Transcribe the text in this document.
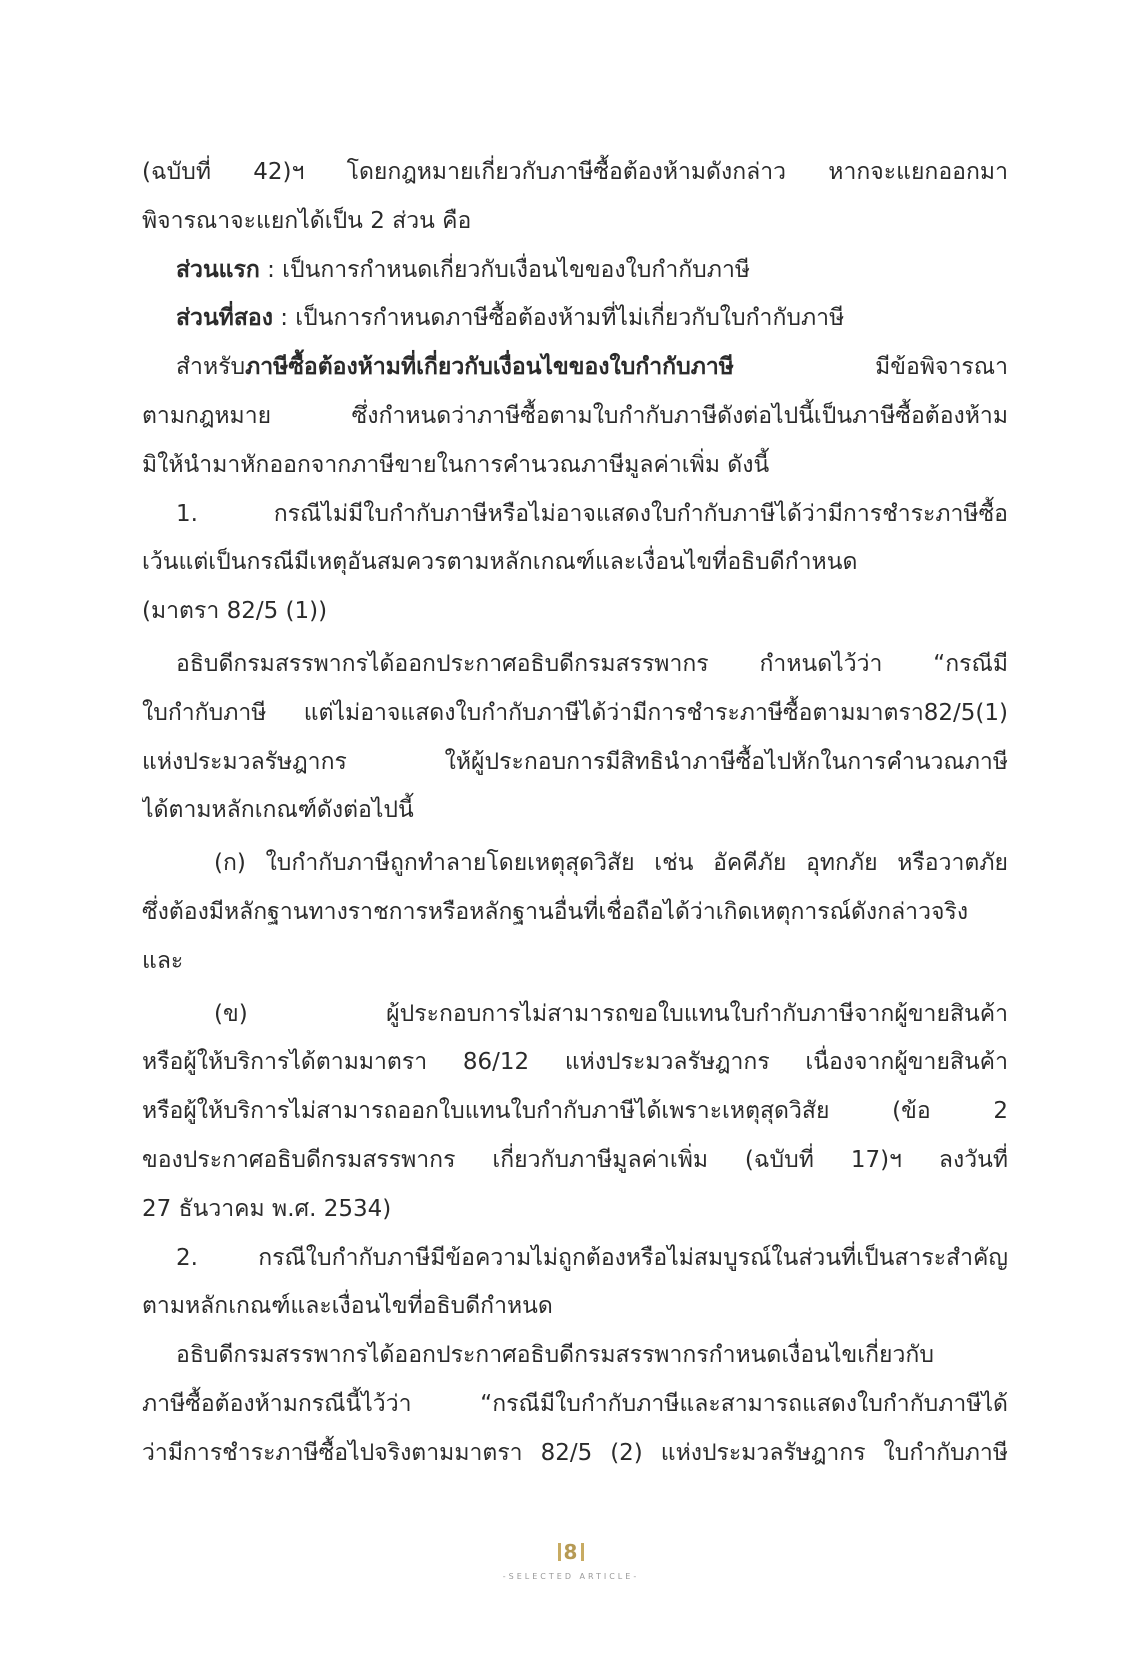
(ฉบับที่ 42)ฯ โดยกฎหมายเกี่ยวกับภาษีซื้อต้องห้ามดังกล่าว หากจะแยกออกมา
พิจารณาจะแยกได้เป็น 2 ส่วน คือ
ส่วนแรก : เป็นการกำหนดเกี่ยวกับเงื่อนไขของใบกำกับภาษี
ส่วนที่สอง : เป็นการกำหนดภาษีซื้อต้องห้ามที่ไม่เกี่ยวกับใบกำกับภาษี
สำหรับภาษีซื้อต้องห้ามที่เกี่ยวกับเงื่อนไขของใบกำกับภาษี มีข้อพิจารณา
ตามกฎหมาย ซึ่งกำหนดว่าภาษีซื้อตามใบกำกับภาษีดังต่อไปนี้เป็นภาษีซื้อต้องห้าม
มิให้นำมาหักออกจากภาษีขายในการคำนวณภาษีมูลค่าเพิ่ม ดังนี้
1. กรณีไม่มีใบกำกับภาษีหรือไม่อาจแสดงใบกำกับภาษีได้ว่ามีการชำระภาษีซื้อ
เว้นแต่เป็นกรณีมีเหตุอันสมควรตามหลักเกณฑ์และเงื่อนไขที่อธิบดีกำหนด
(มาตรา 82/5 (1))
อธิบดีกรมสรรพากรได้ออกประกาศอธิบดีกรมสรรพากร กำหนดไว้ว่า “กรณีมี
ใบกำกับภาษี แต่ไม่อาจแสดงใบกำกับภาษีได้ว่ามีการชำระภาษีซื้อตามมาตรา82/5(1)
แห่งประมวลรัษฎากร ให้ผู้ประกอบการมีสิทธินำภาษีซื้อไปหักในการคำนวณภาษี
ได้ตามหลักเกณฑ์ดังต่อไปนี้
(ก) ใบกำกับภาษีถูกทำลายโดยเหตุสุดวิสัย เช่น อัคคีภัย อุทกภัย หรือวาตภัย
ซึ่งต้องมีหลักฐานทางราชการหรือหลักฐานอื่นที่เชื่อถือได้ว่าเกิดเหตุการณ์ดังกล่าวจริง
และ
(ข) ผู้ประกอบการไม่สามารถขอใบแทนใบกำกับภาษีจากผู้ขายสินค้า
หรือผู้ให้บริการได้ตามมาตรา 86/12 แห่งประมวลรัษฎากร เนื่องจากผู้ขายสินค้า
หรือผู้ให้บริการไม่สามารถออกใบแทนใบกำกับภาษีได้เพราะเหตุสุดวิสัย (ข้อ 2
ของประกาศอธิบดีกรมสรรพากร เกี่ยวกับภาษีมูลค่าเพิ่ม (ฉบับที่ 17)ฯ ลงวันที่
27 ธันวาคม พ.ศ. 2534)
2. กรณีใบกำกับภาษีมีข้อความไม่ถูกต้องหรือไม่สมบูรณ์ในส่วนที่เป็นสาระสำคัญ
ตามหลักเกณฑ์และเงื่อนไขที่อธิบดีกำหนด
อธิบดีกรมสรรพากรได้ออกประกาศอธิบดีกรมสรรพากรกำหนดเงื่อนไขเกี่ยวกับ
ภาษีซื้อต้องห้ามกรณีนี้ไว้ว่า “กรณีมีใบกำกับภาษีและสามารถแสดงใบกำกับภาษีได้
ว่ามีการชำระภาษีซื้อไปจริงตามมาตรา 82/5 (2) แห่งประมวลรัษฎากร ใบกำกับภาษี
8
-SELECTED ARTICLE-
